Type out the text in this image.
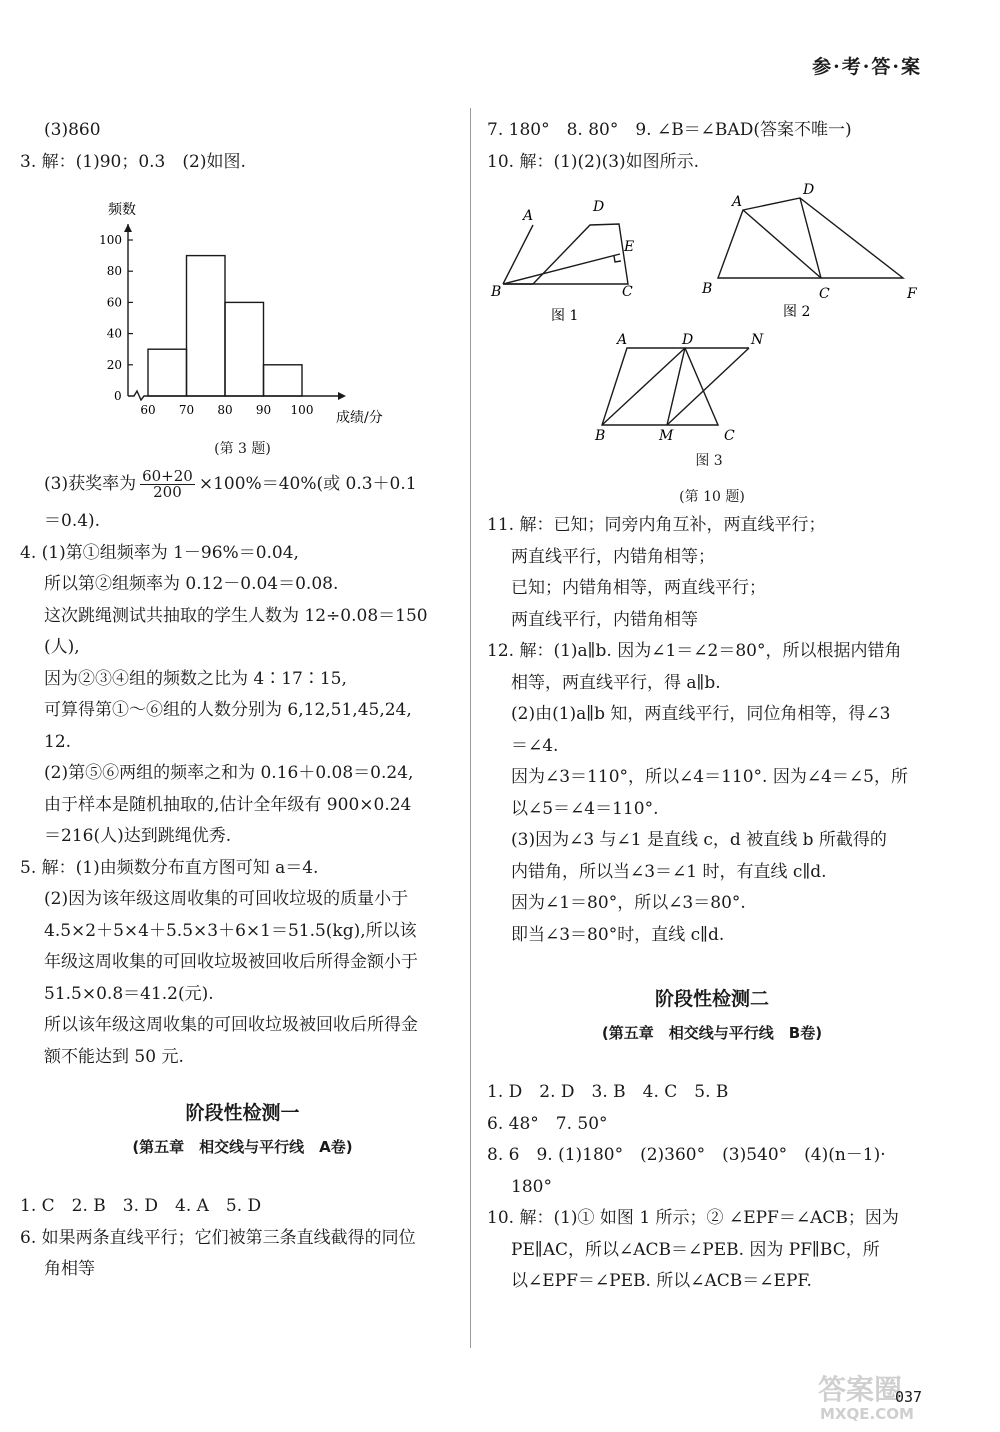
参·考·答·案
(3)860
3. 解：(1)90；0.3　(2)如图.
频数
成绩/分
0
20
40
60
80
100
60 70 80 90 100
(第 3 题)
(3)获奖率为 $\frac{60+20}{200} \times 100\%=40\%$(或 0.3＋0.1
＝0.4).
4. (1)第①组频率为 1－96%＝0.04,
所以第②组频率为 0.12－0.04＝0.08.
这次跳绳测试共抽取的学生人数为 12÷0.08＝150
(人),
因为②③④组的频数之比为 4∶17∶15,
可算得第①～⑥组的人数分别为 6,12,51,45,24,
12.
(2)第⑤⑥两组的频率之和为 0.16＋0.08＝0.24,
由于样本是随机抽取的,估计全年级有 900×0.24
＝216(人)达到跳绳优秀.
5. 解：(1)由频数分布直方图可知 a＝4.
(2)因为该年级这周收集的可回收垃圾的质量小于
4.5×2＋5×4＋5.5×3＋6×1＝51.5(kg),所以该
年级这周收集的可回收垃圾被回收后所得金额小于
51.5×0.8＝41.2(元).
所以该年级这周收集的可回收垃圾被回收后所得金
额不能达到 50 元.
阶段性检测一
(第五章　相交线与平行线　A卷)
1. C　2. B　3. D　4. A　5. D
6. 如果两条直线平行；它们被第三条直线截得的同位
角相等
7. 180°　8. 80°　9. ∠B＝∠BAD(答案不唯一)
10. 解：(1)(2)(3)如图所示.
A
D
E
B	C
图 1
A
D
B	C	F
图 2
A	D	N
B	M	C
图 3
(第 10 题)
11. 解：已知；同旁内角互补，两直线平行；
两直线平行，内错角相等；
已知；内错角相等，两直线平行；
两直线平行，内错角相等
12. 解：(1)a∥b. 因为∠1＝∠2＝80°，所以根据内错角
相等，两直线平行，得 a∥b.
(2)由(1)a∥b 知，两直线平行，同位角相等，得∠3
＝∠4.
因为∠3＝110°，所以∠4＝110°. 因为∠4＝∠5，所
以∠5＝∠4＝110°.
(3)因为∠3 与∠1 是直线 c，d 被直线 b 所截得的
内错角，所以当∠3＝∠1 时，有直线 c∥d.
因为∠1＝80°，所以∠3＝80°.
即当∠3＝80°时，直线 c∥d.
阶段性检测二
(第五章　相交线与平行线　B卷)
1. D　2. D　3. B　4. C　5. B
6. 48°　7. 50°
8. 6　9. (1)180°　(2)360°　(3)540°　(4)(n－1)·
180°
10. 解：(1)① 如图 1 所示；② ∠EPF＝∠ACB；因为
PE∥AC，所以∠ACB＝∠PEB. 因为 PF∥BC，所
以∠EPF＝∠PEB. 所以∠ACB＝∠EPF.
答案圈
MXQE.COM
037
